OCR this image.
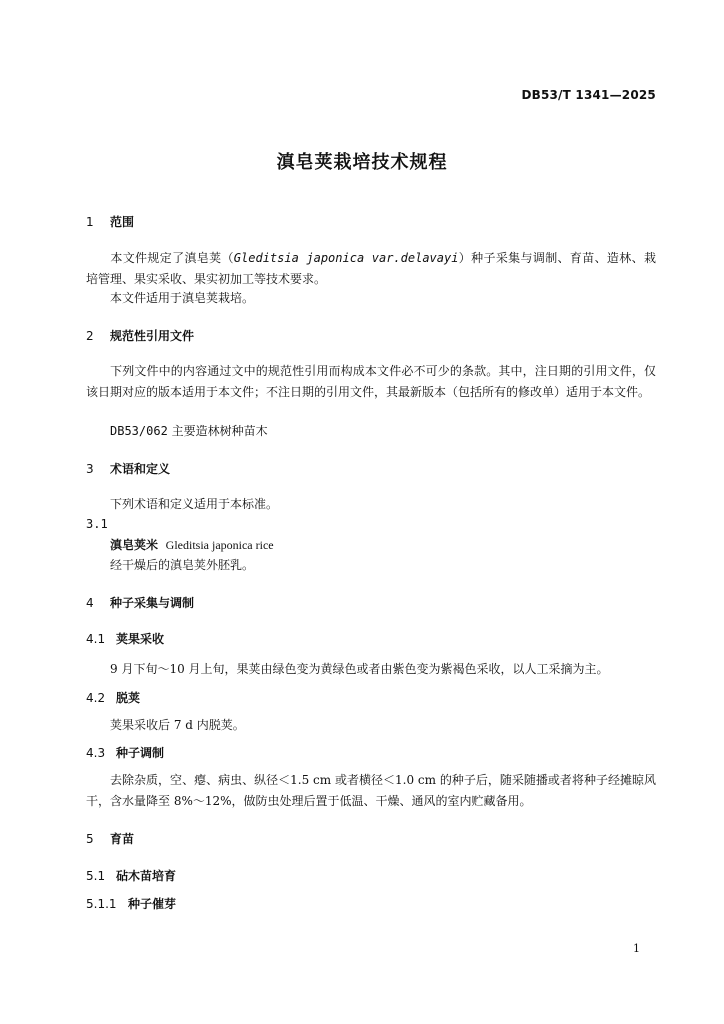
DB53/T 1341—2025
滇皂荚栽培技术规程
1 范围
本文件规定了滇皂荚（Gleditsia japonica var.delavayi）种子采集与调制、育苗、造林、栽培管理、果实采收、果实初加工等技术要求。
本文件适用于滇皂荚栽培。
2 规范性引用文件
下列文件中的内容通过文中的规范性引用而构成本文件必不可少的条款。其中，注日期的引用文件，仅该日期对应的版本适用于本文件；不注日期的引用文件，其最新版本（包括所有的修改单）适用于本文件。
DB53/062 主要造林树种苗木
3 术语和定义
下列术语和定义适用于本标准。
3.1
滇皂荚米 Gleditsia japonica rice
经干燥后的滇皂荚外胚乳。
4 种子采集与调制
4.1 荚果采收
9 月下旬～10 月上旬，果荚由绿色变为黄绿色或者由紫色变为紫褐色采收，以人工采摘为主。
4.2 脱荚
荚果采收后 7 d 内脱荚。
4.3 种子调制
去除杂质，空、瘪、病虫、纵径＜1.5 cm 或者横径＜1.0 cm 的种子后，随采随播或者将种子经摊晾风干，含水量降至 8%～12%，做防虫处理后置于低温、干燥、通风的室内贮藏备用。
5 育苗
5.1 砧木苗培育
5.1.1 种子催芽
1
